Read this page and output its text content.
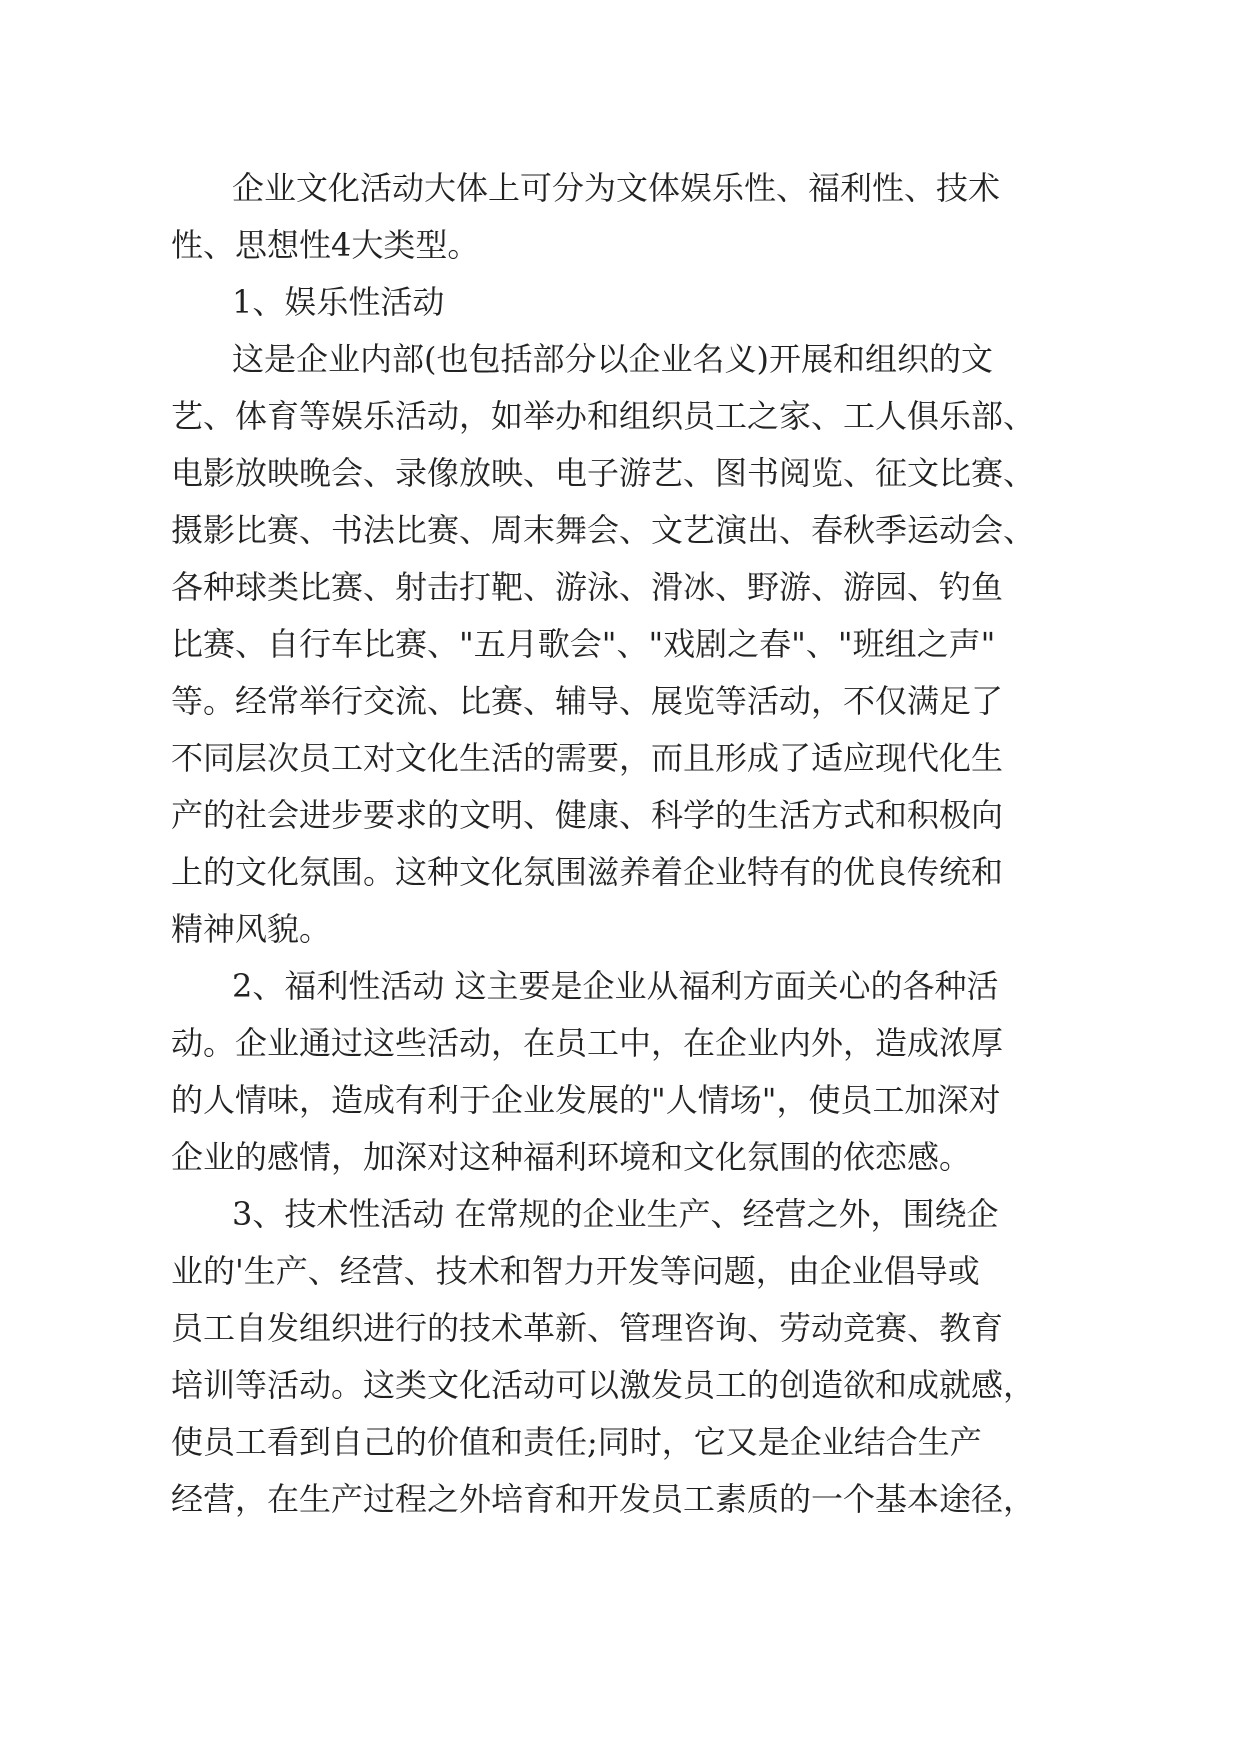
企业文化活动大体上可分为文体娱乐性、福利性、技术
性、思想性4大类型。
1、娱乐性活动
这是企业内部(也包括部分以企业名义)开展和组织的文
艺、体育等娱乐活动，如举办和组织员工之家、工人俱乐部、
电影放映晚会、录像放映、电子游艺、图书阅览、征文比赛、
摄影比赛、书法比赛、周末舞会、文艺演出、春秋季运动会、
各种球类比赛、射击打靶、游泳、滑冰、野游、游园、钓鱼
比赛、自行车比赛、"五月歌会"、"戏剧之春"、"班组之声"
等。经常举行交流、比赛、辅导、展览等活动，不仅满足了
不同层次员工对文化生活的需要，而且形成了适应现代化生
产的社会进步要求的文明、健康、科学的生活方式和积极向
上的文化氛围。这种文化氛围滋养着企业特有的优良传统和
精神风貌。
2、福利性活动 这主要是企业从福利方面关心的各种活
动。企业通过这些活动，在员工中，在企业内外，造成浓厚
的人情味，造成有利于企业发展的"人情场"，使员工加深对
企业的感情，加深对这种福利环境和文化氛围的依恋感。
3、技术性活动 在常规的企业生产、经营之外，围绕企
业的'生产、经营、技术和智力开发等问题，由企业倡导或
员工自发组织进行的技术革新、管理咨询、劳动竞赛、教育
培训等活动。这类文化活动可以激发员工的创造欲和成就感，
使员工看到自己的价值和责任;同时，它又是企业结合生产
经营，在生产过程之外培育和开发员工素质的一个基本途径，
